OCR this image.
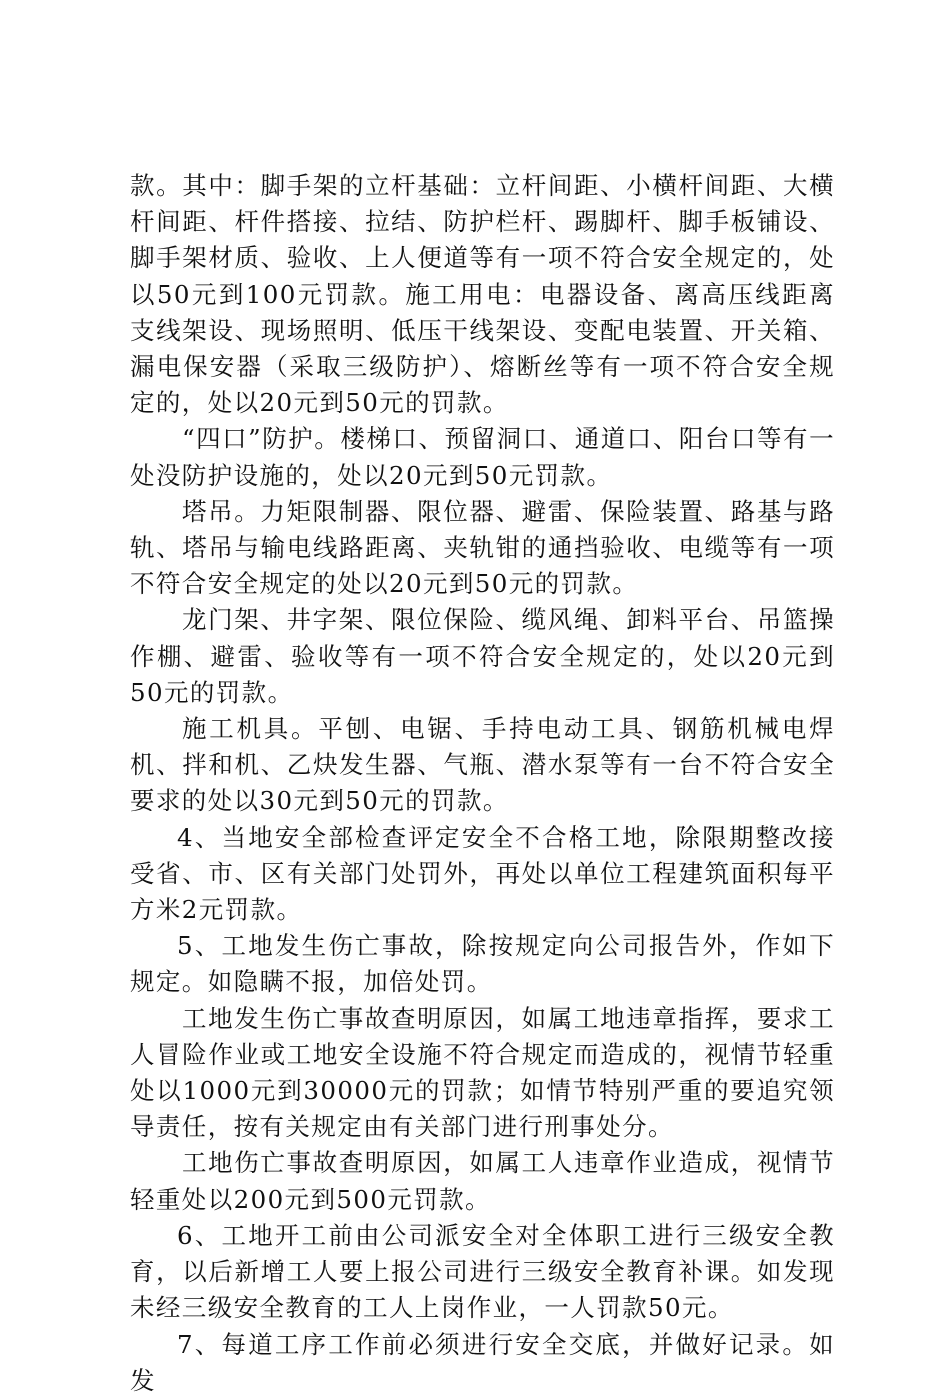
款。其中：脚手架的立杆基础：立杆间距、小横杆间距、大横杆间距、杆件搭接、拉结、防护栏杆、踢脚杆、脚手板铺设、脚手架材质、验收、上人便道等有一项不符合安全规定的，处以50元到100元罚款。施工用电：电器设备、离高压线距离支线架设、现场照明、低压干线架设、变配电装置、开关箱、漏电保安器（采取三级防护）、熔断丝等有一项不符合安全规定的，处以20元到50元的罚款。

“四口”防护。楼梯口、预留洞口、通道口、阳台口等有一处没防护设施的，处以20元到50元罚款。

塔吊。力矩限制器、限位器、避雷、保险装置、路基与路轨、塔吊与输电线路距离、夹轨钳的通挡验收、电缆等有一项不符合安全规定的处以20元到50元的罚款。

龙门架、井字架、限位保险、缆风绳、卸料平台、吊篮操作棚、避雷、验收等有一项不符合安全规定的，处以20元到50元的罚款。

施工机具。平刨、电锯、手持电动工具、钢筋机械电焊机、拌和机、乙炔发生器、气瓶、潜水泵等有一台不符合安全要求的处以30元到50元的罚款。

4、当地安全部检查评定安全不合格工地，除限期整改接受省、市、区有关部门处罚外，再处以单位工程建筑面积每平方米2元罚款。

5、工地发生伤亡事故，除按规定向公司报告外，作如下规定。如隐瞒不报，加倍处罚。

工地发生伤亡事故查明原因，如属工地违章指挥，要求工人冒险作业或工地安全设施不符合规定而造成的，视情节轻重处以1000元到30000元的罚款；如情节特别严重的要追究领导责任，按有关规定由有关部门进行刑事处分。

工地伤亡事故查明原因，如属工人违章作业造成，视情节轻重处以200元到500元罚款。

6、工地开工前由公司派安全对全体职工进行三级安全教育，以后新增工人要上报公司进行三级安全教育补课。如发现未经三级安全教育的工人上岗作业，一人罚款50元。

7、每道工序工作前必须进行安全交底，并做好记录。如发
